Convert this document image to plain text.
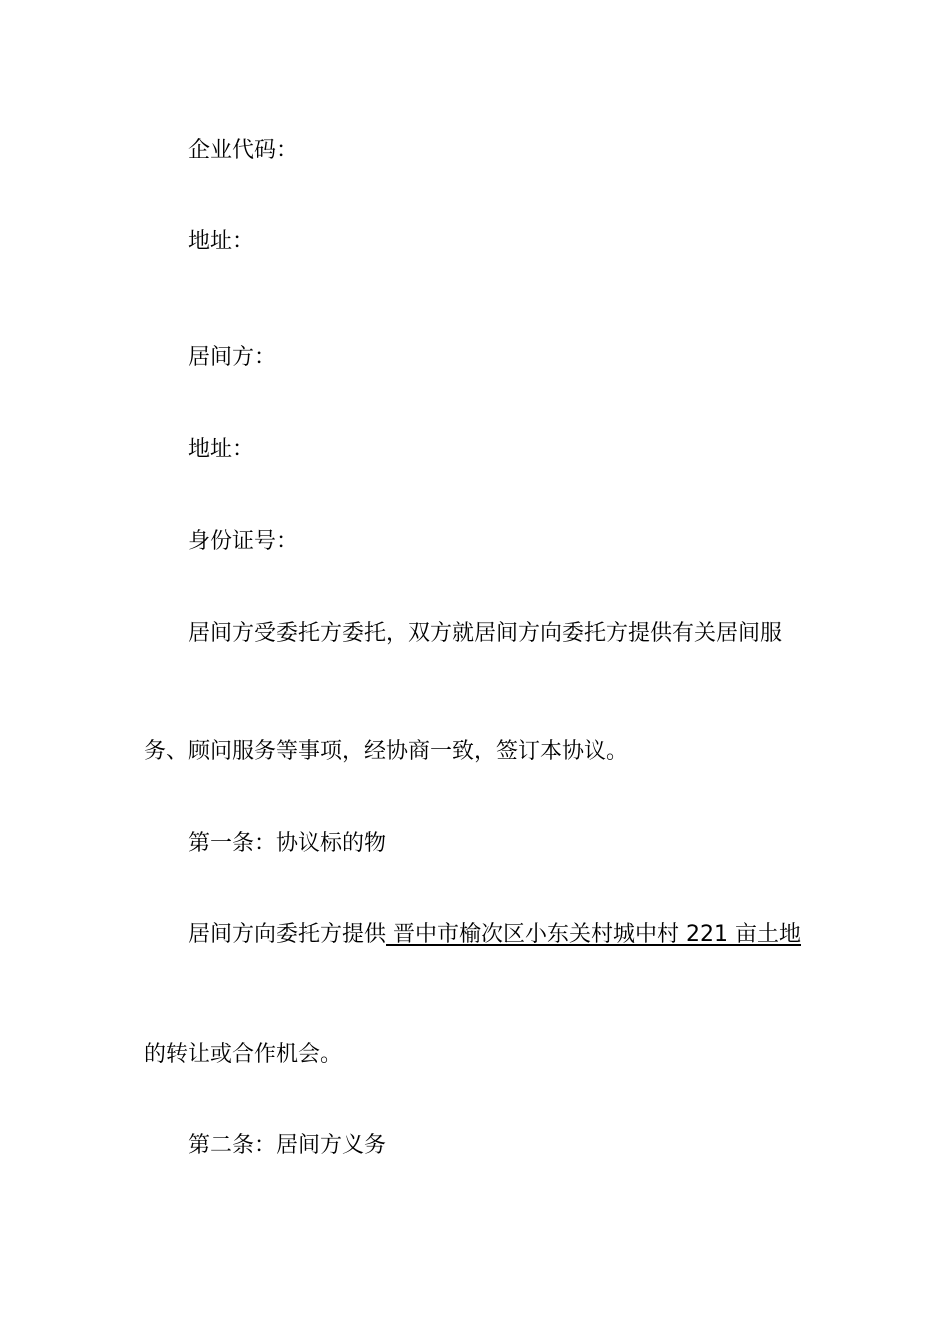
企业代码：
地址：
居间方：
地址：
身份证号：
居间方受委托方委托，双方就居间方向委托方提供有关居间服
务、顾问服务等事项，经协商一致，签订本协议。
第一条：协议标的物
居间方向委托方提供 晋中市榆次区小东关村城中村 221 亩土地
的转让或合作机会。
第二条：居间方义务
